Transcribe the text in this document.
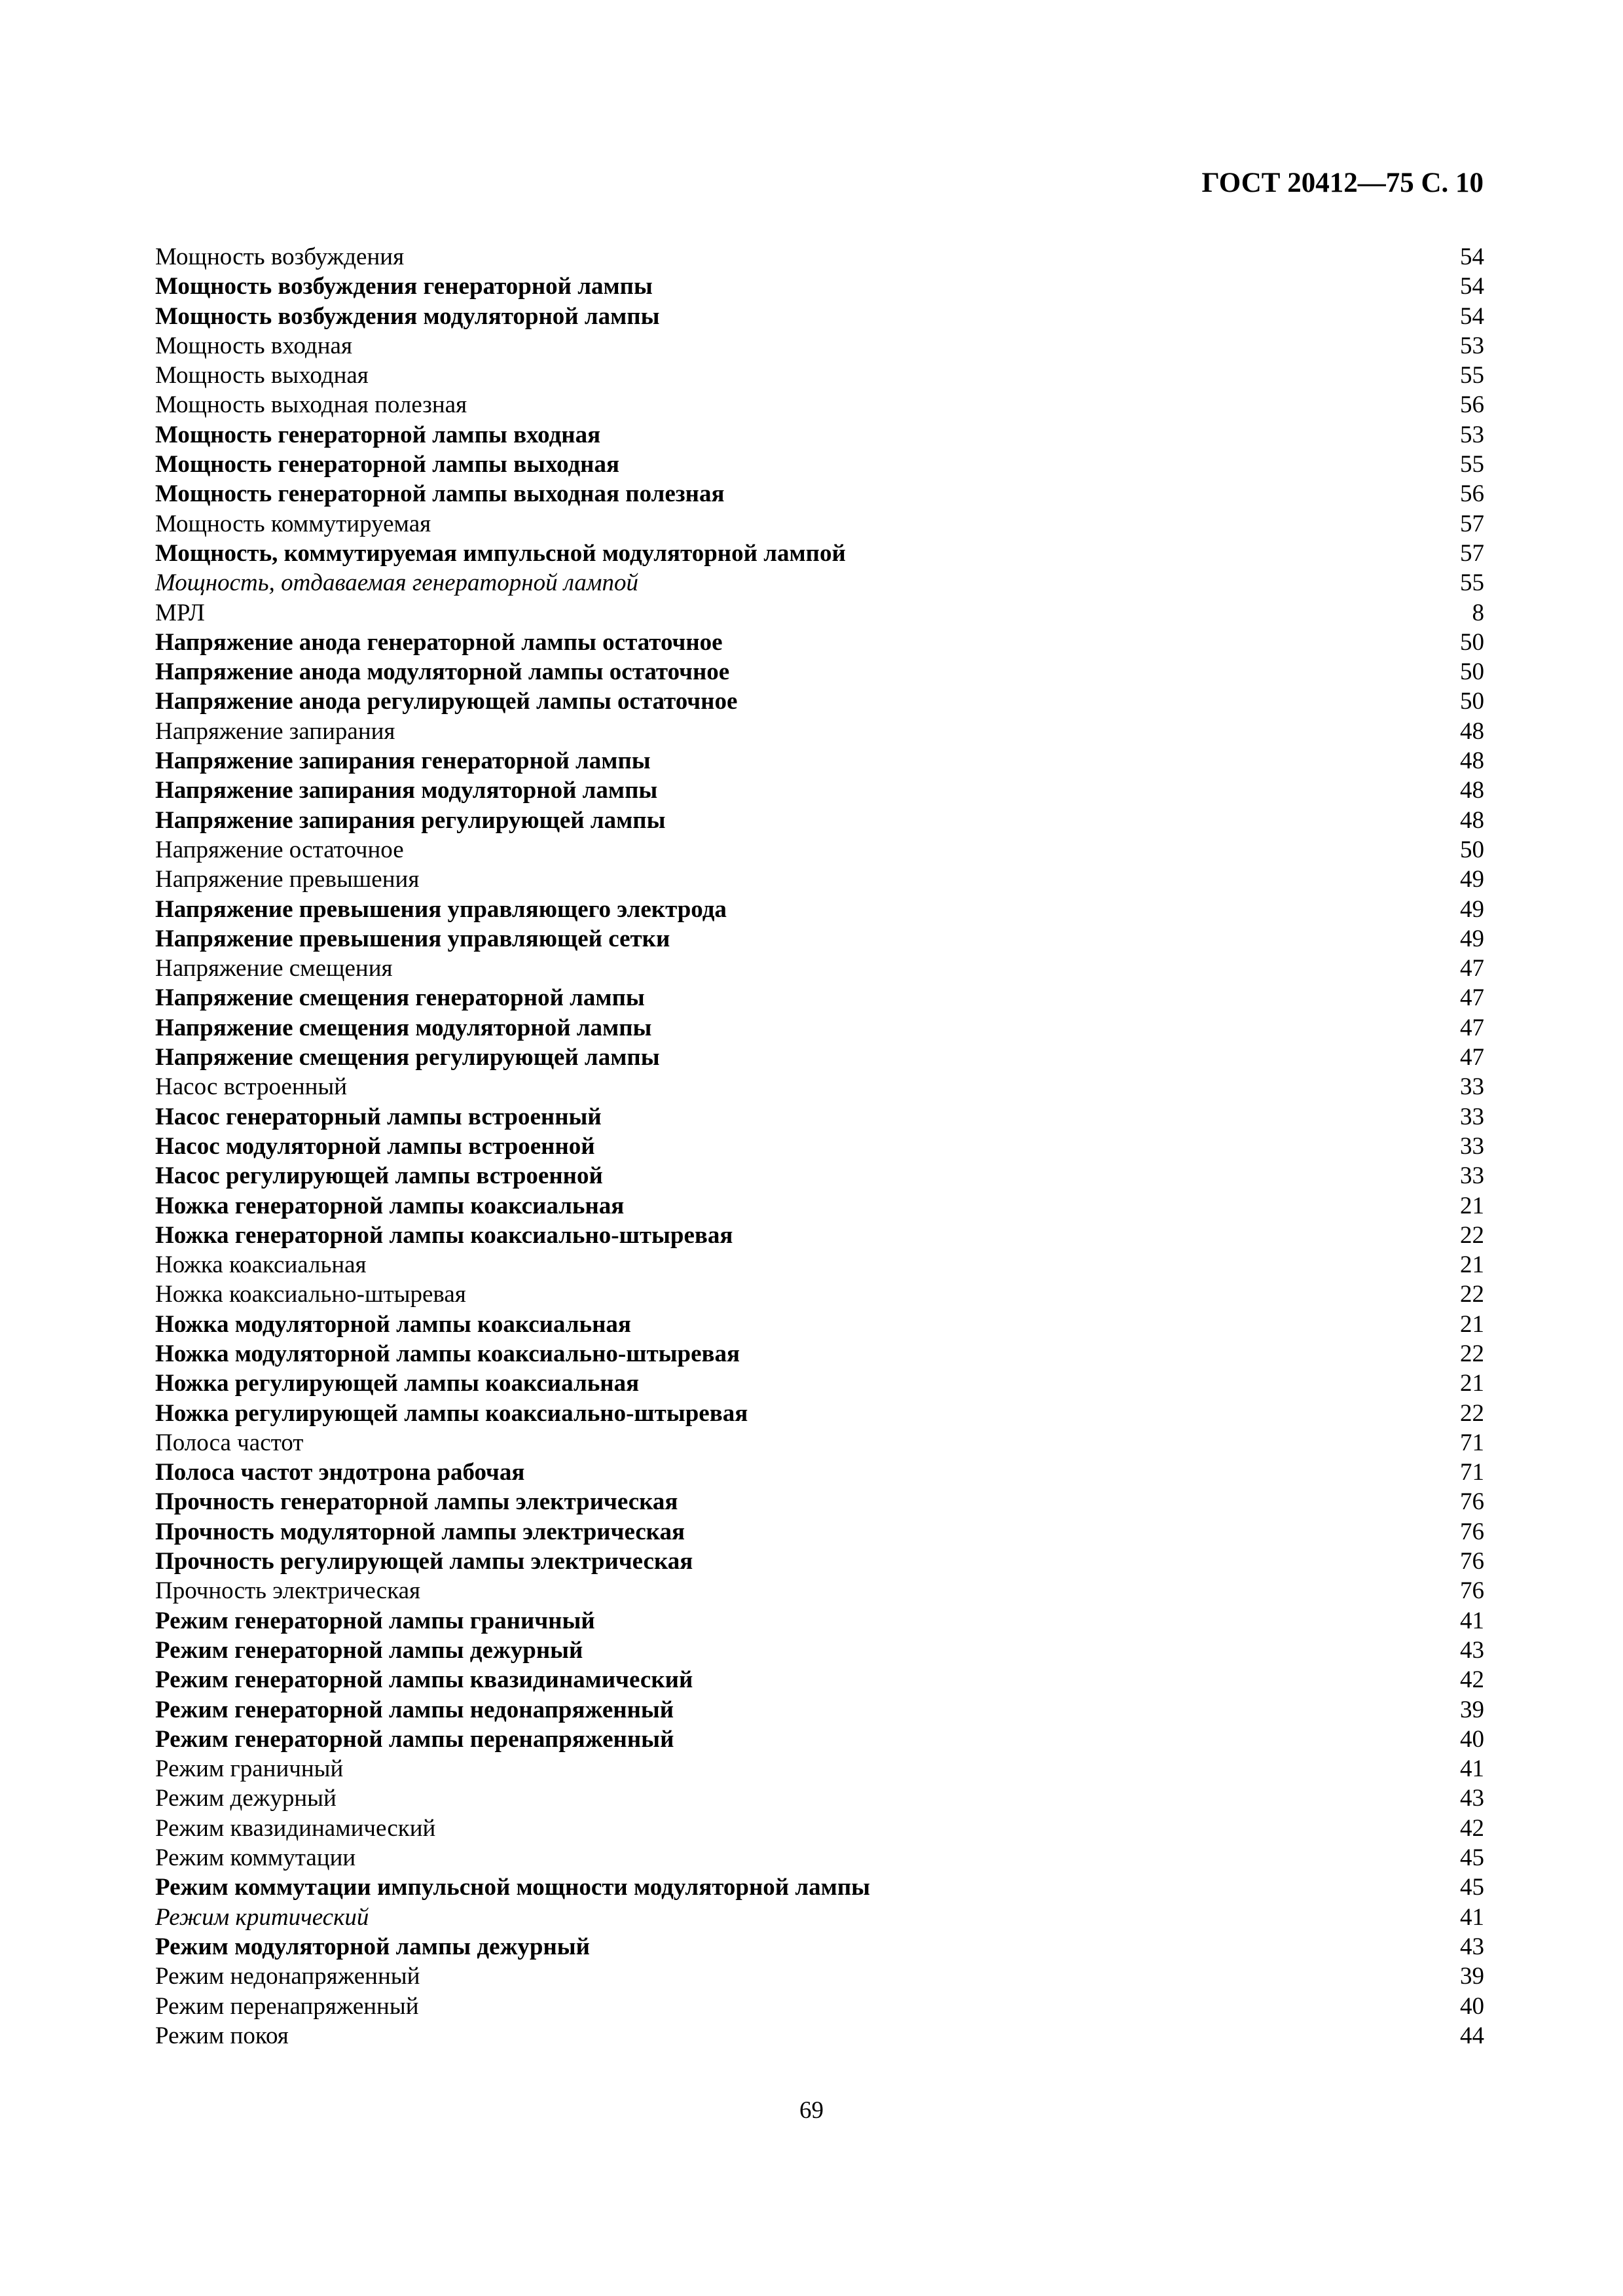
ГОСТ 20412—75 С. 10
Мощность возбуждения	54
Мощность возбуждения генераторной лампы	54
Мощность возбуждения модуляторной лампы	54
Мощность входная	53
Мощность выходная	55
Мощность выходная полезная	56
Мощность генераторной лампы входная	53
Мощность генераторной лампы выходная	55
Мощность генераторной лампы выходная полезная	56
Мощность коммутируемая	57
Мощность, коммутируемая импульсной модуляторной лампой	57
Мощность, отдаваемая генераторной лампой	55
МРЛ	8
Напряжение анода генераторной лампы остаточное	50
Напряжение анода модуляторной лампы остаточное	50
Напряжение анода регулирующей лампы остаточное	50
Напряжение запирания	48
Напряжение запирания генераторной лампы	48
Напряжение запирания модуляторной лампы	48
Напряжение запирания регулирующей лампы	48
Напряжение остаточное	50
Напряжение превышения	49
Напряжение превышения управляющего электрода	49
Напряжение превышения управляющей сетки	49
Напряжение смещения	47
Напряжение смещения генераторной лампы	47
Напряжение смещения модуляторной лампы	47
Напряжение смещения регулирующей лампы	47
Насос встроенный	33
Насос генераторный лампы встроенный	33
Насос модуляторной лампы встроенной	33
Насос регулирующей лампы встроенной	33
Ножка генераторной лампы коаксиальная	21
Ножка генераторной лампы коаксиально-штыревая	22
Ножка коаксиальная	21
Ножка коаксиально-штыревая	22
Ножка модуляторной лампы коаксиальная	21
Ножка модуляторной лампы коаксиально-штыревая	22
Ножка регулирующей лампы коаксиальная	21
Ножка регулирующей лампы коаксиально-штыревая	22
Полоса частот	71
Полоса частот эндотрона рабочая	71
Прочность генераторной лампы электрическая	76
Прочность модуляторной лампы электрическая	76
Прочность регулирующей лампы электрическая	76
Прочность электрическая	76
Режим генераторной лампы граничный	41
Режим генераторной лампы дежурный	43
Режим генераторной лампы квазидинамический	42
Режим генераторной лампы недонапряженный	39
Режим генераторной лампы перенапряженный	40
Режим граничный	41
Режим дежурный	43
Режим квазидинамический	42
Режим коммутации	45
Режим коммутации импульсной мощности модуляторной лампы	45
Режим критический	41
Режим модуляторной лампы дежурный	43
Режим недонапряженный	39
Режим перенапряженный	40
Режим покоя	44
69
